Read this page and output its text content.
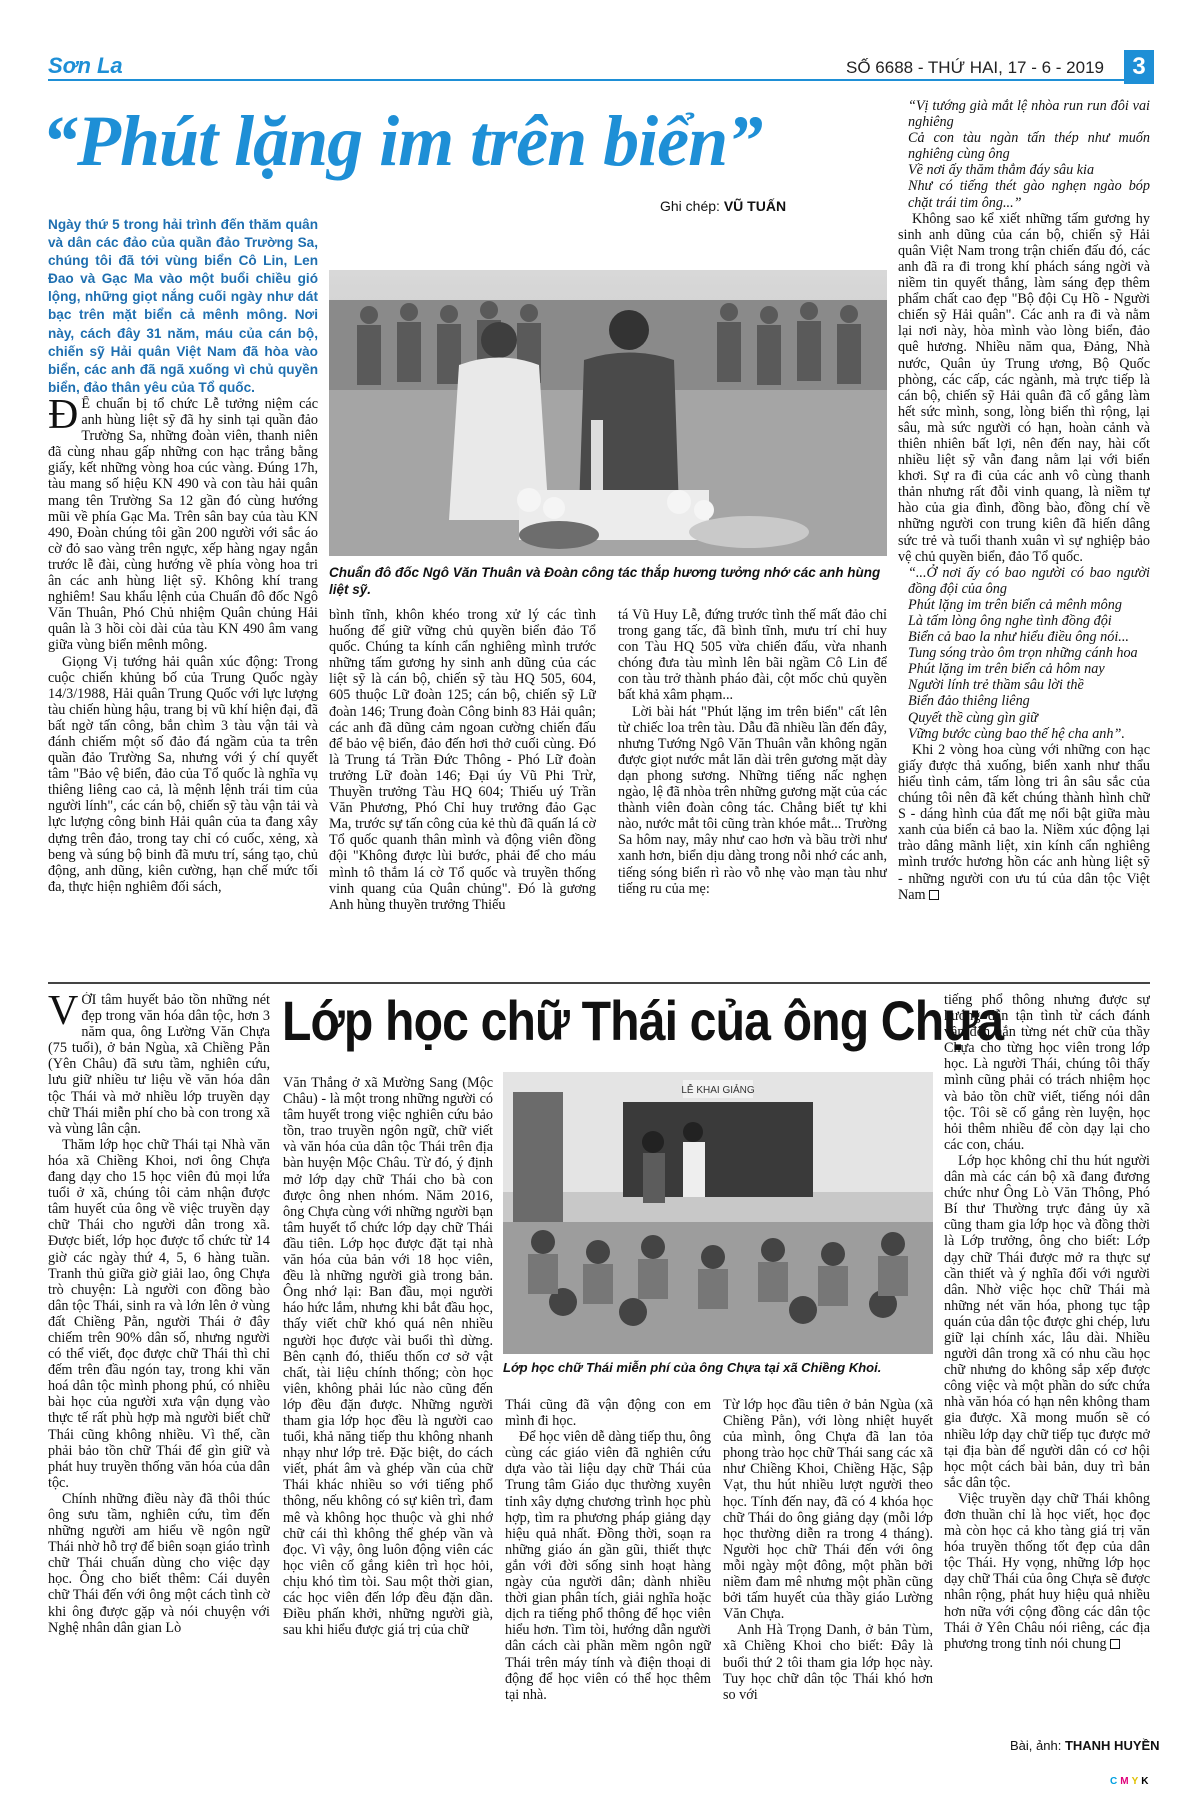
Sơn La	SỐ 6688 - THỨ HAI, 17 - 6 - 2019	3
“Phút lặng im trên biển”
Ghi chép: VŨ TUẤN
Ngày thứ 5 trong hải trình đến thăm quân và dân các đảo của quần đảo Trường Sa, chúng tôi đã tới vùng biển Cô Lin, Len Đao và Gạc Ma vào một buổi chiều gió lộng, những giọt nắng cuối ngày như dát bạc trên mặt biển cả mênh mông. Nơi này, cách đây 31 năm, máu của cán bộ, chiến sỹ Hải quân Việt Nam đã hòa vào biển, các anh đã ngã xuống vì chủ quyền biển, đảo thân yêu của Tổ quốc.
Chuẩn đô đốc Ngô Văn Thuân và Đoàn công tác thắp hương tưởng nhớ các anh hùng liệt sỹ.

Đ Ể chuẩn bị tổ chức Lễ tưởng niệm các anh hùng liệt sỹ đã hy sinh tại quần đảo Trường Sa, những đoàn viên, thanh niên đã cùng nhau gấp những con hạc trắng bằng giấy, kết những vòng hoa cúc vàng. Đúng 17h, tàu mang số hiệu KN 490 và con tàu hải quân mang tên Trường Sa 12 gần đó cùng hướng mũi về phía Gạc Ma. Trên sân bay của tàu KN 490, Đoàn chúng tôi gần 200 người với sắc áo cờ đỏ sao vàng trên ngực, xếp hàng ngay ngắn trước lễ đài, cùng hướng về phía vòng hoa tri ân các anh hùng liệt sỹ. Không khí trang nghiêm! Sau khẩu lệnh của Chuẩn đô đốc Ngô Văn Thuân, Phó Chủ nhiệm Quân chủng Hải quân là 3 hồi còi dài của tàu KN 490 âm vang giữa vùng biển mênh mông.

Giọng Vị tướng hải quân xúc động: Trong cuộc chiến khủng bố của Trung Quốc ngày 14/3/1988, Hải quân Trung Quốc với lực lượng tàu chiến hùng hậu, trang bị vũ khí hiện đại, đã bất ngờ tấn công, bắn chìm 3 tàu vận tải và đánh chiếm một số đảo đá ngầm của ta trên quần đảo Trường Sa, nhưng với ý chí quyết tâm "Bảo vệ biển, đảo của Tổ quốc là nghĩa vụ thiêng liêng cao cả, là mệnh lệnh trái tim của người lính", các cán bộ, chiến sỹ tàu vận tải và lực lượng công binh Hải quân của ta đang xây dựng trên đảo, trong tay chỉ có cuốc, xẻng, xà beng và súng bộ binh đã mưu trí, sáng tạo, chủ động, anh dũng, kiên cường, hạn chế mức tối đa, thực hiện nghiêm đối sách,

bình tĩnh, khôn khéo trong xử lý các tình huống để giữ vững chủ quyền biển đảo Tổ quốc. Chúng ta kính cẩn nghiêng mình trước những tấm gương hy sinh anh dũng của các liệt sỹ là cán bộ, chiến sỹ tàu HQ 505, 604, 605 thuộc Lữ đoàn 125; cán bộ, chiến sỹ Lữ đoàn 146; Trung đoàn Công binh 83 Hải quân; các anh đã dũng cảm ngoan cường chiến đấu để bảo vệ biển, đảo đến hơi thở cuối cùng. Đó là Trung tá Trần Đức Thông - Phó Lữ đoàn trưởng Lữ đoàn 146; Đại úy Vũ Phi Trừ, Thuyền trưởng Tàu HQ 604; Thiếu uý Trần Văn Phương, Phó Chỉ huy trưởng đảo Gạc Ma, trước sự tấn công của kẻ thù đã quấn lá cờ Tổ quốc quanh thân mình và động viên đồng đội "Không được lùi bước, phải để cho máu mình tô thắm lá cờ Tổ quốc và truyền thống vinh quang của Quân chủng". Đó là gương Anh hùng thuyền trưởng Thiếu

tá Vũ Huy Lễ, đứng trước tình thế mất đảo chỉ trong gang tấc, đã bình tĩnh, mưu trí chỉ huy con Tàu HQ 505 vừa chiến đấu, vừa nhanh chóng đưa tàu mình lên bãi ngầm Cô Lin để con tàu trở thành pháo đài, cột mốc chủ quyền bất khả xâm phạm...

Lời bài hát "Phút lặng im trên biển" cất lên từ chiếc loa trên tàu. Dẫu đã nhiều lần đến đây, nhưng Tướng Ngô Văn Thuân vẫn không ngăn được giọt nước mắt lăn dài trên gương mặt dày dạn phong sương. Những tiếng nấc nghẹn ngào, lệ đã nhòa trên những gương mặt của các thành viên đoàn công tác. Chẳng biết tự khi nào, nước mắt tôi cũng tràn khóe mắt... Trường Sa hôm nay, mây như cao hơn và bầu trời như xanh hơn, biển dịu dàng trong nỗi nhớ các anh, tiếng sóng biển rì rào vỗ nhẹ vào mạn tàu như tiếng ru của mẹ:

“Vị tướng già mắt lệ nhòa run run đôi vai nghiêng

Cả con tàu ngàn tấn thép như muốn nghiêng cùng ông

Về nơi ấy thăm thẳm đáy sâu kia

Như có tiếng thét gào nghẹn ngào bóp chặt trái tim ông...”

Không sao kể xiết những tấm gương hy sinh anh dũng của cán bộ, chiến sỹ Hải quân Việt Nam trong trận chiến đấu đó, các anh đã ra đi trong khí phách sáng ngời và niềm tin quyết thắng, làm sáng đẹp thêm phẩm chất cao đẹp "Bộ đội Cụ Hồ - Người chiến sỹ Hải quân". Các anh ra đi và nằm lại nơi này, hòa mình vào lòng biển, đảo quê hương. Nhiều năm qua, Đảng, Nhà nước, Quân ủy Trung ương, Bộ Quốc phòng, các cấp, các ngành, mà trực tiếp là cán bộ, chiến sỹ Hải quân đã cố gắng làm hết sức mình, song, lòng biển thì rộng, lại sâu, mà sức người có hạn, hoàn cảnh và thiên nhiên bất lợi, nên đến nay, hài cốt nhiều liệt sỹ vẫn đang nằm lại với biển khơi. Sự ra đi của các anh vô cùng thanh thản nhưng rất đỗi vinh quang, là niềm tự hào của gia đình, đồng bào, đồng chí về những người con trung kiên đã hiến dâng sức trẻ và tuổi thanh xuân vì sự nghiệp bảo vệ chủ quyền biển, đảo Tổ quốc.

“...Ở nơi ấy có bao người có bao người đồng đội của ông

Phút lặng im trên biển cả mênh mông

Là tấm lòng ông nghe tình đồng đội

Biển cả bao la như hiểu điều ông nói...

Tung sóng trào ôm trọn những cánh hoa

Phút lặng im trên biển cả hôm nay

Người lính trẻ thầm sâu lời thề

Biển đảo thiêng liêng

Quyết thề cùng gìn giữ

Vững bước cùng bao thế hệ cha anh”.

Khi 2 vòng hoa cùng với những con hạc giấy được thả xuống, biển xanh như thẩu hiểu tình cảm, tấm lòng tri ân sâu sắc của chúng tôi nên đã kết chúng thành hình chữ S - dáng hình của đất mẹ nổi bật giữa màu xanh của biển cả bao la. Niềm xúc động lại trào dâng mãnh liệt, xin kính cẩn nghiêng mình trước hương hồn các anh hùng liệt sỹ - những người con ưu tú của dân tộc Việt Nam

Lớp học chữ Thái của ông Chựa

VỚI tâm huyết bảo tồn những nét đẹp trong văn hóa dân tộc, hơn 3 năm qua, ông Lường Văn Chựa (75 tuổi), ở bản Ngùa, xã Chiềng Pằn (Yên Châu) đã sưu tầm, nghiên cứu, lưu giữ nhiều tư liệu về văn hóa dân tộc Thái và mở nhiều lớp truyền dạy chữ Thái miễn phí cho bà con trong xã và vùng lân cận.

Thăm lớp học chữ Thái tại Nhà văn hóa xã Chiềng Khoi, nơi ông Chựa đang dạy cho 15 học viên đủ mọi lứa tuổi ở xã, chúng tôi cảm nhận được tâm huyết của ông về việc truyền dạy chữ Thái cho người dân trong xã. Được biết, lớp học được tổ chức từ 14 giờ các ngày thứ 4, 5, 6 hàng tuần. Tranh thủ giữa giờ giải lao, ông Chựa trò chuyện: Là người con đồng bào dân tộc Thái, sinh ra và lớn lên ở vùng đất Chiềng Pằn, người Thái ở đây chiếm trên 90% dân số, nhưng người có thể viết, đọc được chữ Thái thì chỉ đếm trên đầu ngón tay, trong khi văn hoá dân tộc mình phong phú, có nhiều bài học của người xưa vận dụng vào thực tế rất phù hợp mà người biết chữ Thái cũng không nhiều. Vì thế, cần phải bảo tồn chữ Thái để gìn giữ và phát huy truyền thống văn hóa của dân tộc.

Chính những điều này đã thôi thúc ông sưu tầm, nghiên cứu, tìm đến những người am hiểu về ngôn ngữ Thái nhờ hỗ trợ để biên soạn giáo trình chữ Thái chuẩn dùng cho việc dạy học. Ông cho biết thêm: Cái duyên chữ Thái đến với ông một cách tình cờ khi ông được gặp và nói chuyện với Nghệ nhân dân gian Lò

Văn Thắng ở xã Mường Sang (Mộc Châu) - là một trong những người có tâm huyết trong việc nghiên cứu bảo tồn, trao truyền ngôn ngữ, chữ viết và văn hóa của dân tộc Thái trên địa bàn huyện Mộc Châu. Từ đó, ý định mở lớp dạy chữ Thái cho bà con được ông nhen nhóm. Năm 2016, ông Chựa cùng với những người bạn tâm huyết tổ chức lớp dạy chữ Thái đầu tiên. Lớp học được đặt tại nhà văn hóa của bản với 18 học viên, đều là những người già trong bản. Ông nhớ lại: Ban đầu, mọi người háo hức lắm, nhưng khi bắt đầu học, thấy viết chữ khó quá nên nhiều người học được vài buổi thì dừng. Bên cạnh đó, thiếu thốn cơ sở vật chất, tài liệu chính thống; còn học viên, không phải lúc nào cũng đến lớp đều đặn được. Những người tham gia lớp học đều là người cao tuổi, khả năng tiếp thu không nhanh nhạy như lớp trẻ. Đặc biệt, do cách viết, phát âm và ghép vần của chữ Thái khác nhiều so với tiếng phổ thông, nếu không có sự kiên trì, đam mê và không học thuộc và ghi nhớ chữ cái thì không thể ghép vần và đọc. Vì vậy, ông luôn động viên các học viên cố gắng kiên trì học hỏi, chịu khó tìm tòi. Sau một thời gian, các học viên đến lớp đều đặn dần. Điều phấn khởi, những người già, sau khi hiểu được giá trị của chữ

LỄ KHAI GIẢNG
Lớp học chữ Thái miễn phí của ông Chựa tại xã Chiềng Khoi.

Thái cũng đã vận động con em mình đi học.

Để học viên dễ dàng tiếp thu, ông cùng các giáo viên đã nghiên cứu dựa vào tài liệu dạy chữ Thái của Trung tâm Giáo dục thường xuyên tỉnh xây dựng chương trình học phù hợp, tìm ra phương pháp giảng dạy hiệu quả nhất. Đồng thời, soạn ra những giáo án gần gũi, thiết thực gắn với đời sống sinh hoạt hàng ngày của người dân; dành nhiều thời gian phân tích, giải nghĩa hoặc dịch ra tiếng phổ thông để học viên hiểu hơn. Tìm tòi, hướng dẫn người dân cách cài phần mềm ngôn ngữ Thái trên máy tính và điện thoại di động để học viên có thể học thêm tại nhà.

Từ lớp học đầu tiên ở bản Ngùa (xã Chiềng Pằn), với lòng nhiệt huyết của mình, ông Chựa đã lan tỏa phong trào học chữ Thái sang các xã như Chiềng Khoi, Chiềng Hặc, Sập Vạt, thu hút nhiều lượt người theo học. Tính đến nay, đã có 4 khóa học chữ Thái do ông giảng dạy (mỗi lớp học thường diễn ra trong 4 tháng). Người học chữ Thái đến với ông mỗi ngày một đông, một phần bởi niềm đam mê nhưng một phần cũng bởi tấm huyết của thầy giáo Lường Văn Chựa.

Anh Hà Trọng Danh, ở bản Tùm, xã Chiềng Khoi cho biết: Đây là buổi thứ 2 tôi tham gia lớp học này. Tuy học chữ dân tộc Thái khó hơn so với

tiếng phổ thông nhưng được sự hướng dẫn tận tình từ cách đánh vần đến nắn từng nét chữ của thầy Chựa cho từng học viên trong lớp học. Là người Thái, chúng tôi thấy mình cũng phải có trách nhiệm học và bảo tồn chữ viết, tiếng nói dân tộc. Tôi sẽ cố gắng rèn luyện, học hỏi thêm nhiều để còn dạy lại cho các con, cháu.

Lớp học không chỉ thu hút người dân mà các cán bộ xã đang đương chức như Ông Lò Văn Thông, Phó Bí thư Thường trực đảng ủy xã cũng tham gia lớp học và đồng thời là Lớp trưởng, ông cho biết: Lớp dạy chữ Thái được mở ra thực sự cần thiết và ý nghĩa đối với người dân. Nhờ việc học chữ Thái mà những nét văn hóa, phong tục tập quán của dân tộc được ghi chép, lưu giữ lại chính xác, lâu dài. Nhiều người dân trong xã có nhu cầu học chữ nhưng do không sắp xếp được công việc và một phần do sức chứa nhà văn hóa có hạn nên không tham gia được. Xã mong muốn sẽ có nhiều lớp dạy chữ tiếp tục được mở tại địa bàn để người dân có cơ hội học một cách bài bản, duy trì bản sắc dân tộc.

Việc truyền dạy chữ Thái không đơn thuần chỉ là học viết, học đọc mà còn học cả kho tàng giá trị văn hóa truyền thống tốt đẹp của dân tộc Thái. Hy vọng, những lớp học dạy chữ Thái của ông Chựa sẽ được nhân rộng, phát huy hiệu quả nhiều hơn nữa với cộng đồng các dân tộc Thái ở Yên Châu nói riêng, các địa phương trong tỉnh nói chung

Bài, ảnh: THANH HUYỀN
CMYK
